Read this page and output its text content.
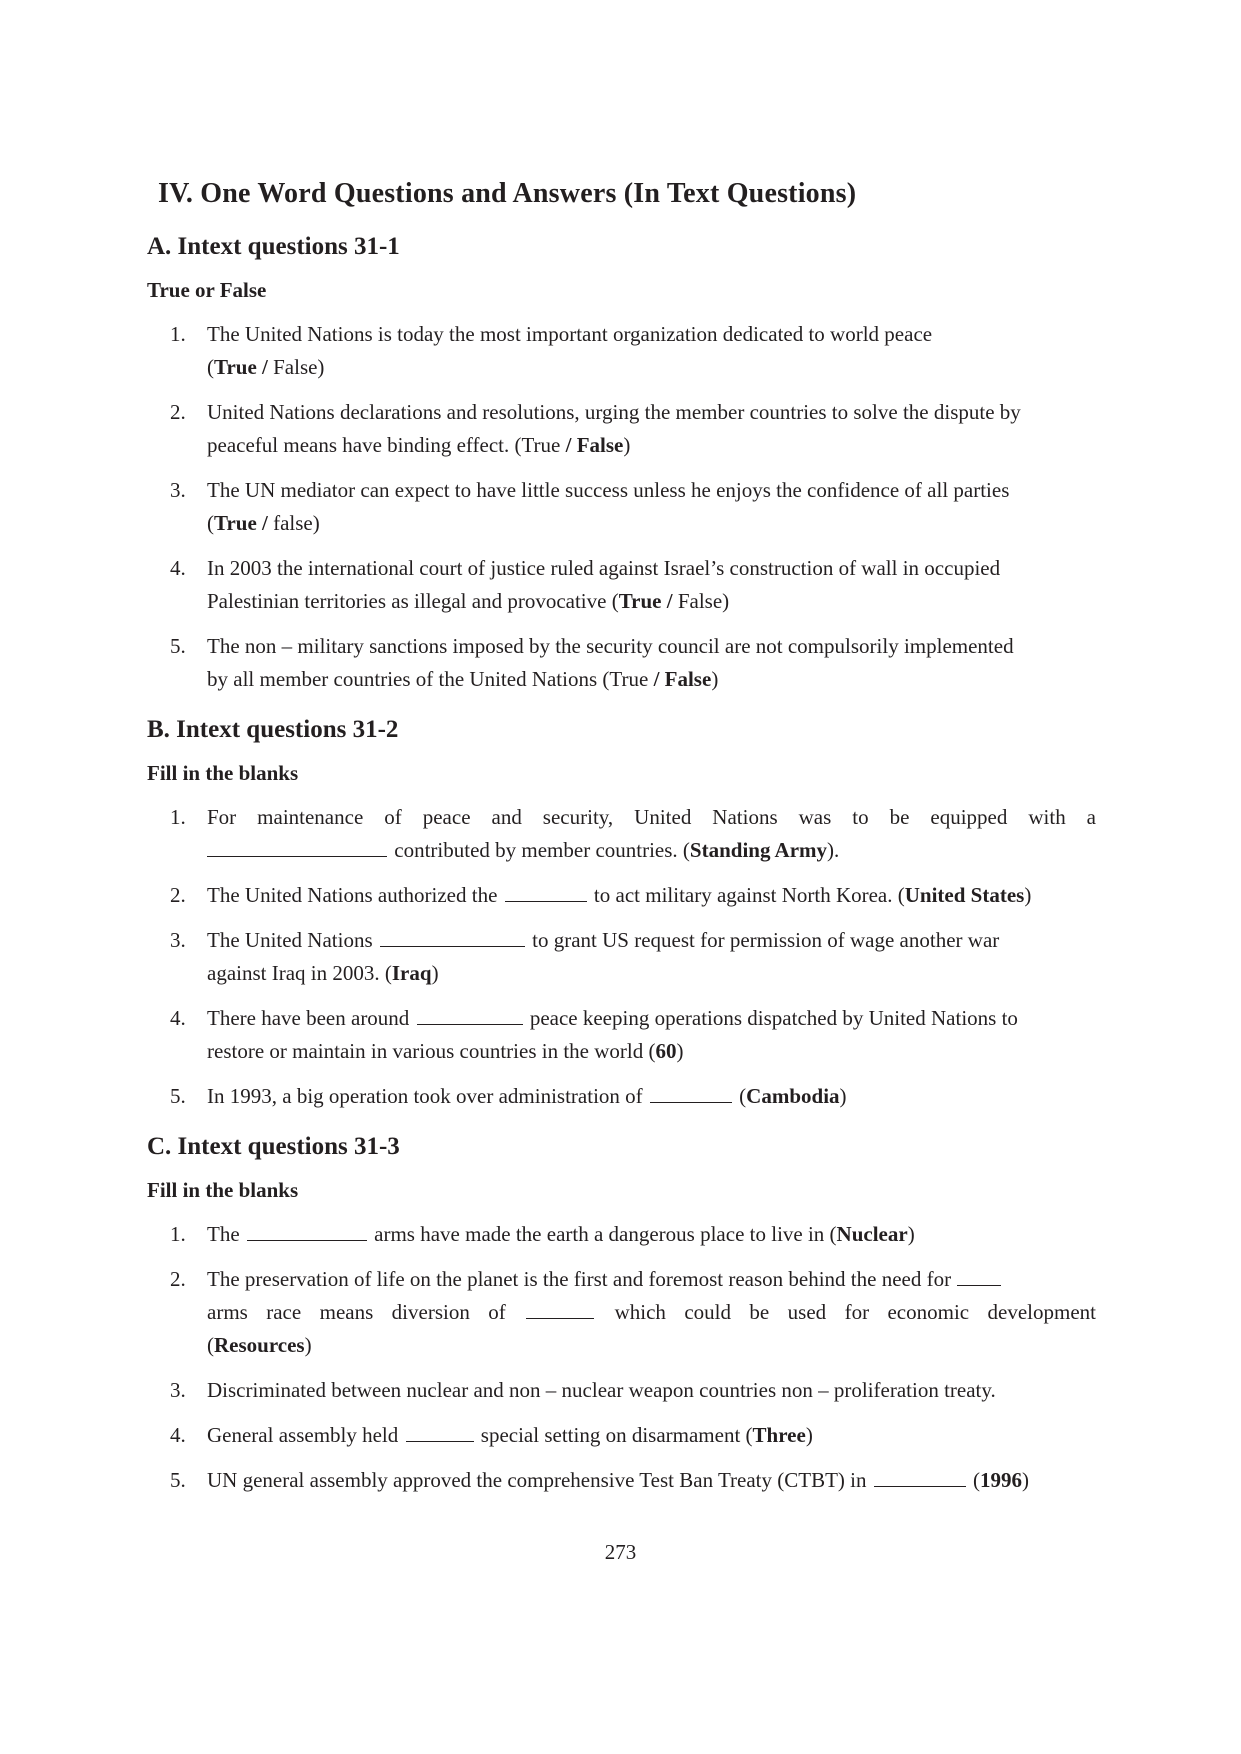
IV. One Word Questions and Answers (In Text Questions)
A. Intext questions 31-1
True or False
1. The United Nations is today the most important organization dedicated to world peace
(True / False)
2. United Nations declarations and resolutions, urging the member countries to solve the dispute by
peaceful means have binding effect. (True / False)
3. The UN mediator can expect to have little success unless he enjoys the confidence of all parties
(True / false)
4. In 2003 the international court of justice ruled against Israel’s construction of wall in occupied
Palestinian territories as illegal and provocative (True / False)
5. The non – military sanctions imposed by the security council are not compulsorily implemented
by all member countries of the United Nations (True / False)
B. Intext questions 31-2
Fill in the blanks
1. For maintenance of peace and security, United Nations was to be equipped with a
contributed by member countries. (Standing Army).
2. The United Nations authorized the	to act military against North Korea. (United States)
3. The United Nations	to grant US request for permission of wage another war
against Iraq in 2003. (Iraq)
4. There have been around	peace keeping operations dispatched by United Nations to
restore or maintain in various countries in the world (60)
5. In 1993, a big operation took over administration of	(Cambodia)
C. Intext questions 31-3
Fill in the blanks
1. The	arms have made the earth a dangerous place to live in (Nuclear)
2. The preservation of life on the planet is the first and foremost reason behind the need for
arms race means diversion of	which could be used for economic development
(Resources)
3. Discriminated between nuclear and non – nuclear weapon countries non – proliferation treaty.
4. General assembly held	special setting on disarmament (Three)
5. UN general assembly approved the comprehensive Test Ban Treaty (CTBT) in	(1996)
273
